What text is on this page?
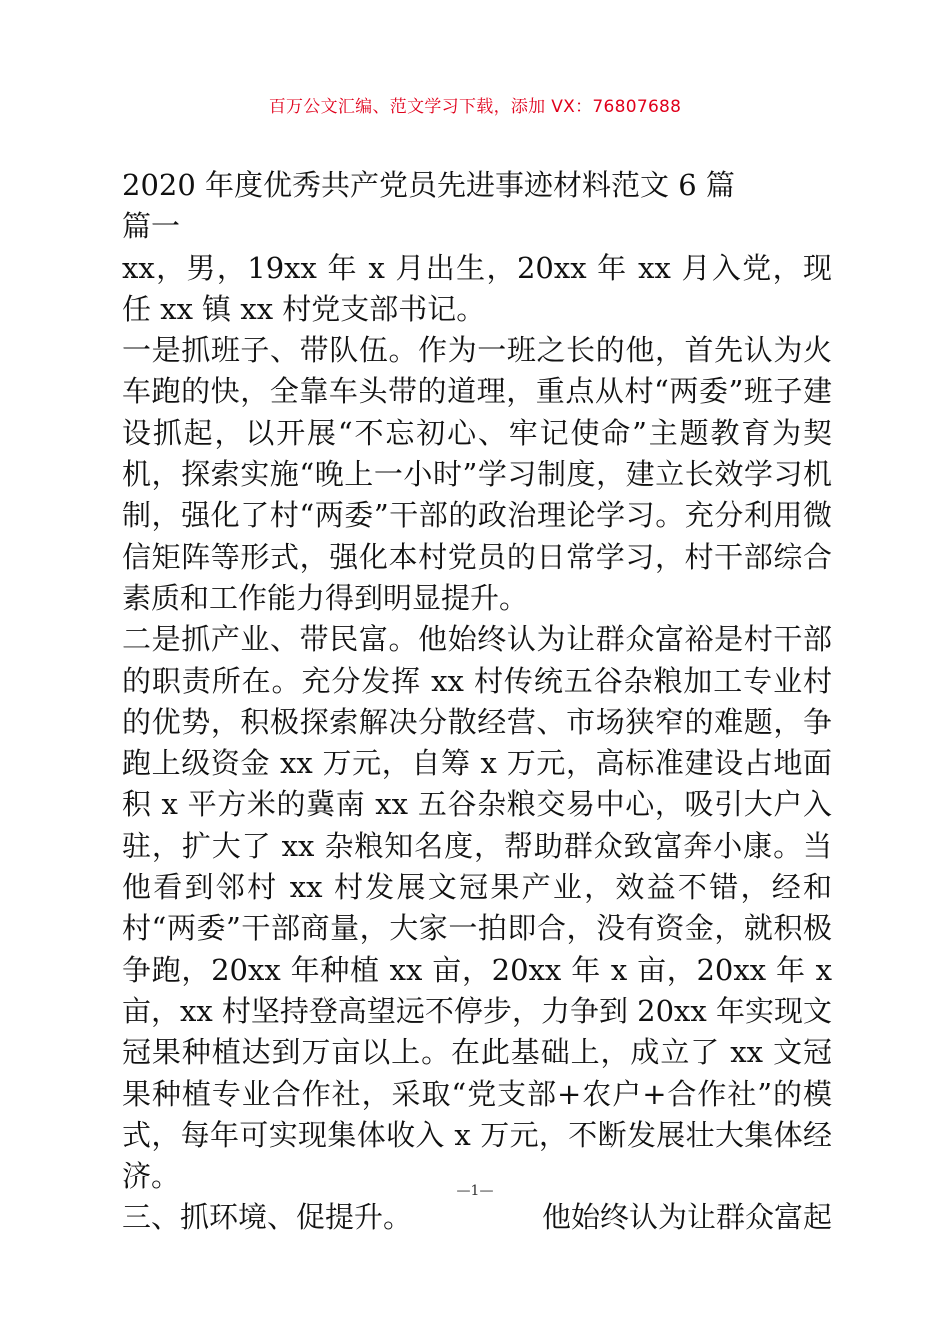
百万公文汇编、范文学习下载，添加 VX：76807688

2020 年度优秀共产党员先进事迹材料范文 6 篇

篇一

xx，男，19xx 年 x 月出生，20xx 年 xx 月入党，现任 xx 镇 xx 村党支部书记。

一是抓班子、带队伍。作为一班之长的他，首先认为火车跑的快，全靠车头带的道理，重点从村“两委”班子建设抓起，以开展“不忘初心、牢记使命”主题教育为契机，探索实施“晚上一小时”学习制度，建立长效学习机制，强化了村“两委”干部的政治理论学习。充分利用微信矩阵等形式，强化本村党员的日常学习，村干部综合素质和工作能力得到明显提升。

二是抓产业、带民富。他始终认为让群众富裕是村干部的职责所在。充分发挥 xx 村传统五谷杂粮加工专业村的优势，积极探索解决分散经营、市场狭窄的难题，争跑上级资金 xx 万元，自筹 x 万元，高标准建设占地面积 x 平方米的冀南 xx 五谷杂粮交易中心，吸引大户入驻，扩大了 xx 杂粮知名度，帮助群众致富奔小康。当他看到邻村 xx 村发展文冠果产业，效益不错，经和村“两委”干部商量，大家一拍即合，没有资金，就积极争跑，20xx 年种植 xx 亩，20xx 年 x 亩，20xx 年 x 亩，xx 村坚持登高望远不停步，力争到 20xx 年实现文冠果种植达到万亩以上。在此基础上，成立了 xx 文冠果种植专业合作社，采取“党支部+农户+合作社”的模式，每年可实现集体收入 x 万元，不断发展壮大集体经济。

三、抓环境、促提升。	他始终认为让群众富起
—1—
